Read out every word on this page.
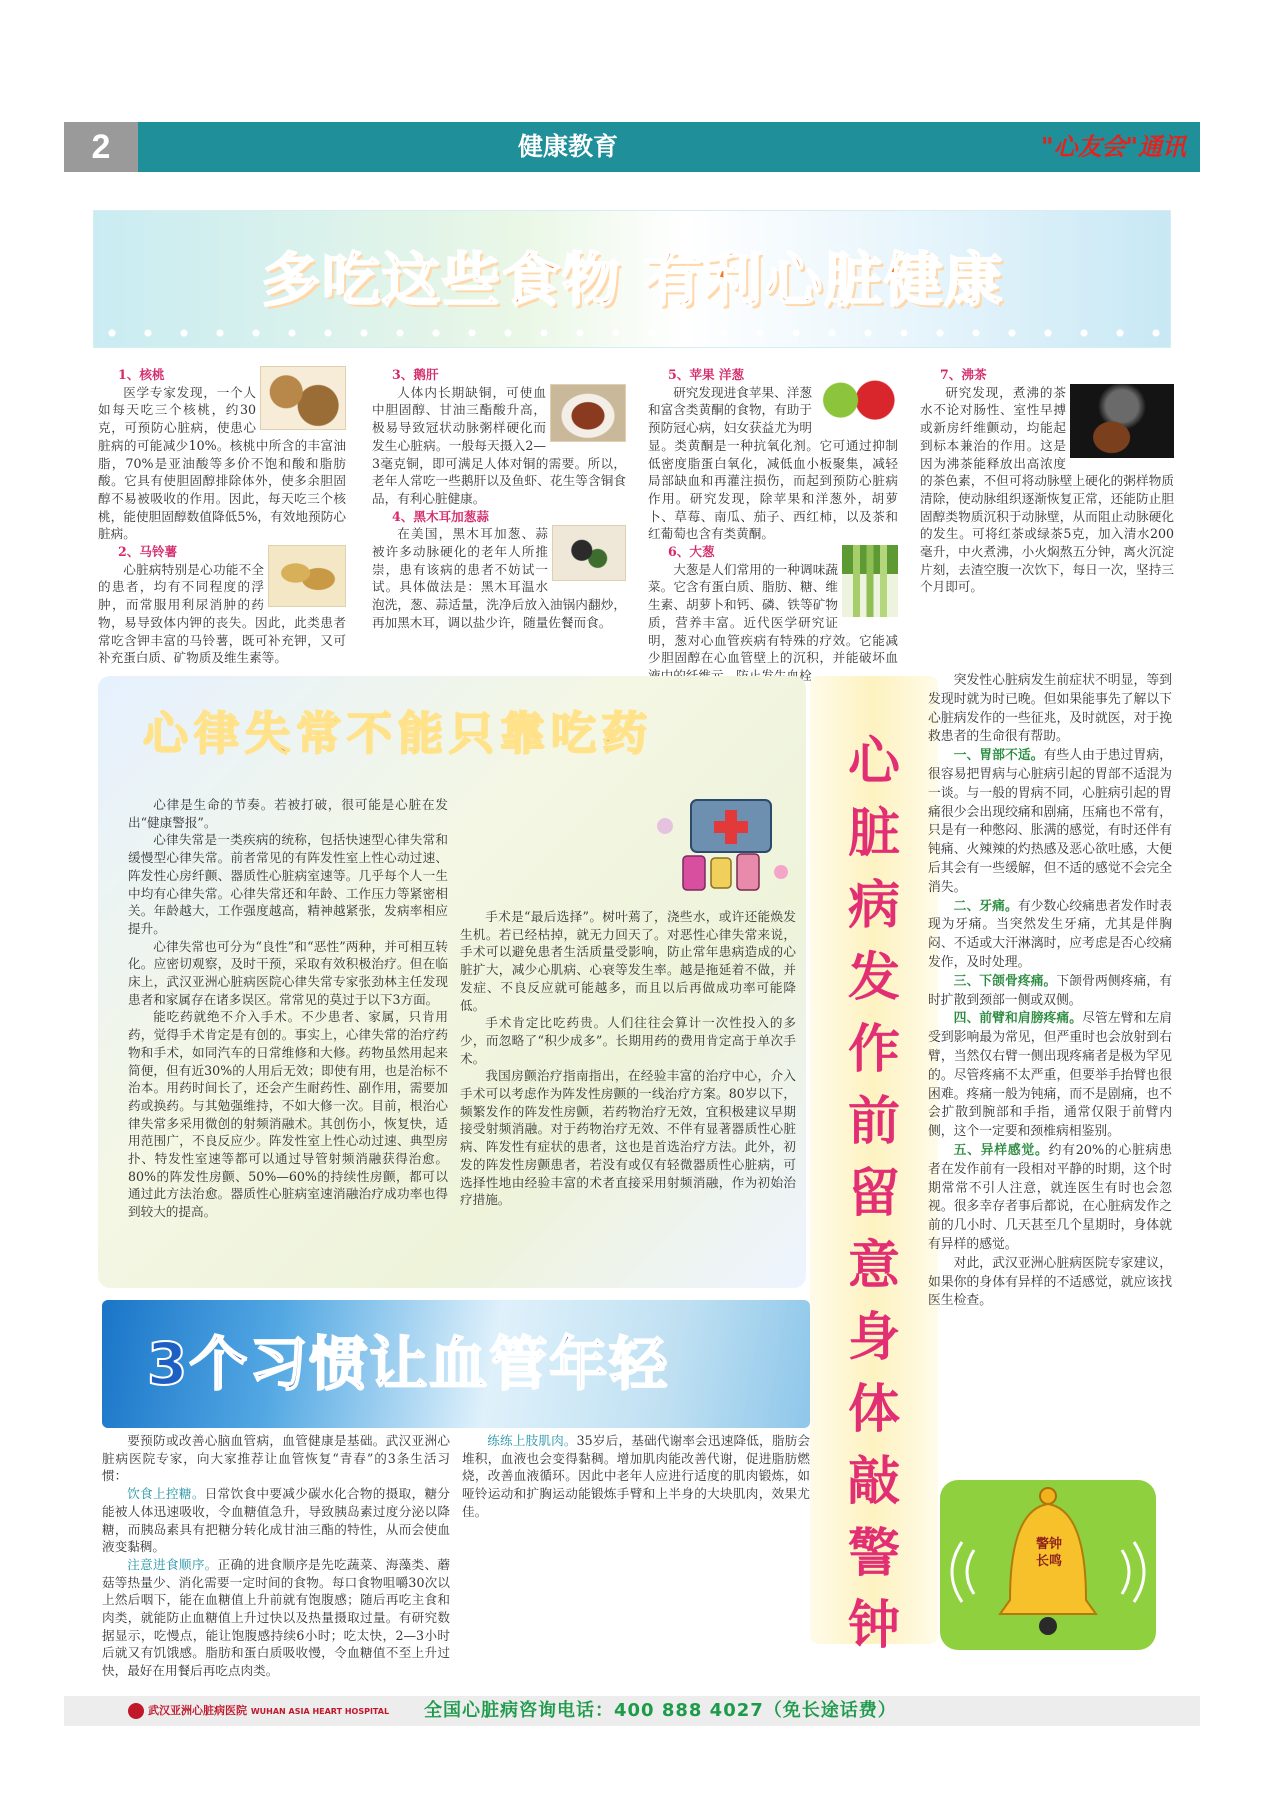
2	健康教育	"心友会"通讯
多吃这些食物 有利心脏健康
1、核桃

医学专家发现，一个人如每天吃三个核桃，约30克，可预防心脏病，使患心脏病的可能减少10%。核桃中所含的丰富油脂，70%是亚油酸等多价不饱和酸和脂肪酸。它具有使胆固醇排除体外，使多余胆固醇不易被吸收的作用。因此，每天吃三个核桃，能使胆固醇数值降低5%，有效地预防心脏病。

2、马铃薯

心脏病特别是心功能不全的患者，均有不同程度的浮肿，而常服用利尿消肿的药物，易导致体内钾的丧失。因此，此类患者常吃含钾丰富的马铃薯，既可补充钾，又可补充蛋白质、矿物质及维生素等。

3、鹅肝

人体内长期缺铜，可使血中胆固醇、甘油三酯酸升高，极易导致冠状动脉粥样硬化而发生心脏病。一般每天摄入2—3毫克铜，即可满足人体对铜的需要。所以，老年人常吃一些鹅肝以及鱼虾、花生等含铜食品，有利心脏健康。

4、黑木耳加葱蒜

在美国，黑木耳加葱、蒜被许多动脉硬化的老年人所推崇，患有该病的患者不妨试一试。具体做法是：黑木耳温水泡洗，葱、蒜适量，洗净后放入油锅内翻炒，再加黑木耳，调以盐少许，随量佐餐而食。

5、苹果 洋葱

研究发现进食苹果、洋葱和富含类黄酮的食物，有助于预防冠心病，妇女获益尤为明显。类黄酮是一种抗氧化剂。它可通过抑制低密度脂蛋白氧化，减低血小板聚集，减轻局部缺血和再灌注损伤，而起到预防心脏病作用。研究发现，除苹果和洋葱外，胡萝卜、草莓、南瓜、茄子、西红柿，以及茶和红葡萄也含有类黄酮。

6、大葱

大葱是人们常用的一种调味蔬菜。它含有蛋白质、脂肪、糖、维生素、胡萝卜和钙、磷、铁等矿物质，营养丰富。近代医学研究证明，葱对心血管疾病有特殊的疗效。它能减少胆固醇在心血管壁上的沉积，并能破坏血 生血栓。

7、沸茶

研究发现，煮沸的茶水不论对肠性、室性早搏或新房纤维颤动，均能起到标本兼治的作用。这是因为沸茶能释放出高浓度的茶色素，不但可将动脉壁上硬化的粥样物质清除，使动脉组织逐渐恢复正常，还能防止胆固醇类物质沉积于动脉壁，从而阻止动脉硬化的发生。可将红茶或绿茶5克，加入清水200毫升，中火煮沸，小火焖熬五分钟，离火沉淀片刻，去渣空腹一次饮下，每日一次，坚持三个月即可。

心律失常不能只靠吃药

心律是生命的节奏。若被打破，很可能是心脏在发出“健康警报”。

心律失常是一类疾病的统称，包括快速型心律失常和缓慢型心律失常。前者常见的有阵发性室上性心动过速、阵发性心房纤颤、器质性心脏病室速等。几乎每个人一生中均有心律失常。心律失常还和年龄、工作压力等紧密相关。年龄越大，工作强度越高，精神越紧张，发病率相应提升。

心律失常也可分为“良性”和“恶性”两种，并可相互转化。应密切观察，及时干预，采取有效积极治疗。但在临床上，武汉亚洲心脏病医院心律失常专家张劲林主任发现患者和家属存在诸多误区。常常见的莫过于以下3方面。

能吃药就绝不介入手术。不少患者、家属，只肯用药，觉得手术肯定是有创的。事实上，心律失常的治疗药物和手术，如同汽车的日常维修和大修。药物虽然用起来简便，但有近30%的人用后无效；即使有用，也是治标不治本。用药时间长了，还会产生耐药性、副作用，需要加药或换药。与其勉强维持，不如大修一次。目前，根治心律失常多采用微创的射频消融术。其创伤小，恢复快，适用范围广，不良反应少。阵发性室上性心动过速、典型房扑、特发性室速等都可以通过导管射频消融获得治愈。80%的阵发性房颤、50%—60%的持续性房颤，都可以通过此方法治愈。器质性心脏病室速消融治疗成功率也得到较大的提高。

手术是“最后选择”。树叶蔫了，浇些水，或许还能焕发生机。若已经枯掉，就无力回天了。对恶性心律失常来说，手术可以避免患者生活质量受影响，防止常年患病造成的心脏扩大，减少心肌病、心衰等发生率。越是拖延着不做，并发症、不良反应就可能越多，而且以后再做成功率可能降低。

手术肯定比吃药贵。人们往往会算计一次性投入的多少，而忽略了“积少成多”。长期用药的费用肯定高于单次手术。

我国房颤治疗指南指出，在经验丰富的治疗中心，介入手术可以考虑作为阵发性房颤的一线治疗方案。80岁以下，频繁发作的阵发性房颤，若药物治疗无效，宜积极建议早期接受射频消融。对于药物治疗无效、不伴有显著器质性心脏病、阵发性有症状的患者，这也是首选治疗方法。此外，初发的阵发性房颤患者，若没有或仅有轻微器质性心脏病，可选择性地由经验丰富的术者直接采用射频消融，作为初始治疗措施。

心脏病发作前留意身体敲警钟

突发性心脏病发生前症状不明显，等到发现时就为时已晚。但如果能事先了解以下心脏病发作的一些征兆，及时就医，对于挽救患者的生命很有帮助。

一、胃部不适。有些人由于患过胃病，很容易把胃病与心脏病引起的胃部不适混为一谈。与一般的胃病不同，心脏病引起的胃痛很少会出现绞痛和剧痛，压痛也不常有，只是有一种憋闷、胀满的感觉，有时还伴有钝痛、火辣辣的灼热感及恶心欲吐感，大便后其会有一些缓解，但不适的感觉不会完全消失。

二、牙痛。有少数心绞痛患者发作时表现为牙痛。当突然发生牙痛，尤其是伴胸闷、不适或大汗淋漓时，应考虑是否心绞痛发作，及时处理。

三、下颌骨疼痛。下颌骨两侧疼痛，有时扩散到颈部一侧或双侧。

四、前臂和肩膀疼痛。尽管左臂和左肩受到影响最为常见，但严重时也会放射到右臂，当然仅右臂一侧出现疼痛者是极为罕见的。尽管疼痛不太严重，但要举手抬臂也很困难。疼痛一般为钝痛，而不是剧痛，也不会扩散到腕部和手指，通常仅限于前臂内侧，这个一定要和颈椎病相鉴别。

五、异样感觉。约有20%的心脏病患者在发作前有一段相对平静的时期，这个时期常常不引人注意，就连医生有时也会忽视。很多幸存者事后都说，在心脏病发作之前的几小时、几天甚至几个星期时，身体就有异样的感觉。

对此，武汉亚洲心脏病医院专家建议，如果你的身体有异样的不适感觉，就应该找医生检查。

警钟长鸣
3个习惯让血管年轻

要预防或改善心脑血管病，血管健康是基础。武汉亚洲心脏病医院专家，向大家推荐让血管恢复“青春”的3条生活习惯：

饮食上控糖。日常饮食中要减少碳水化合物的摄取，糖分能被人体迅速吸收，令血糖值急升，导致胰岛素过度分泌以降糖，而胰岛素具有把糖分转化成甘油三酯的特性，从而会使血液变黏稠。

注意进食顺序。正确的进食顺序是先吃蔬菜、海藻类、蘑菇等热量少、消化需要一定时间的食物。每口食物咀嚼30次以上然后咽下，能在血糖值上升前就有饱腹感；随后再吃主食和肉类，就能防止血糖值上升过快以及热量摄取过量。有研究数据显示，吃慢点，能让饱腹感持续6小时；吃太快，2—3小时后就又有饥饿感。脂肪和蛋白质吸收慢，令血糖值不至上升过快，最好在用餐后再吃点肉类。

练练上肢肌肉。35岁后，基础代谢率会迅速降低，脂肪会堆积，血液也会变得黏稠。增加肌肉能改善代谢，促进脂肪燃烧，改善血液循环。因此中老年人应进行适度的肌肉锻炼，如哑铃运动和扩胸运动能锻炼手臂和上半身的大块肌肉，效果尤佳。

武汉亚洲心脏病医院 WUHAN ASIA HEART HOSPITAL 全国心脏病咨询电话：400 888 4027（免长途话费）
